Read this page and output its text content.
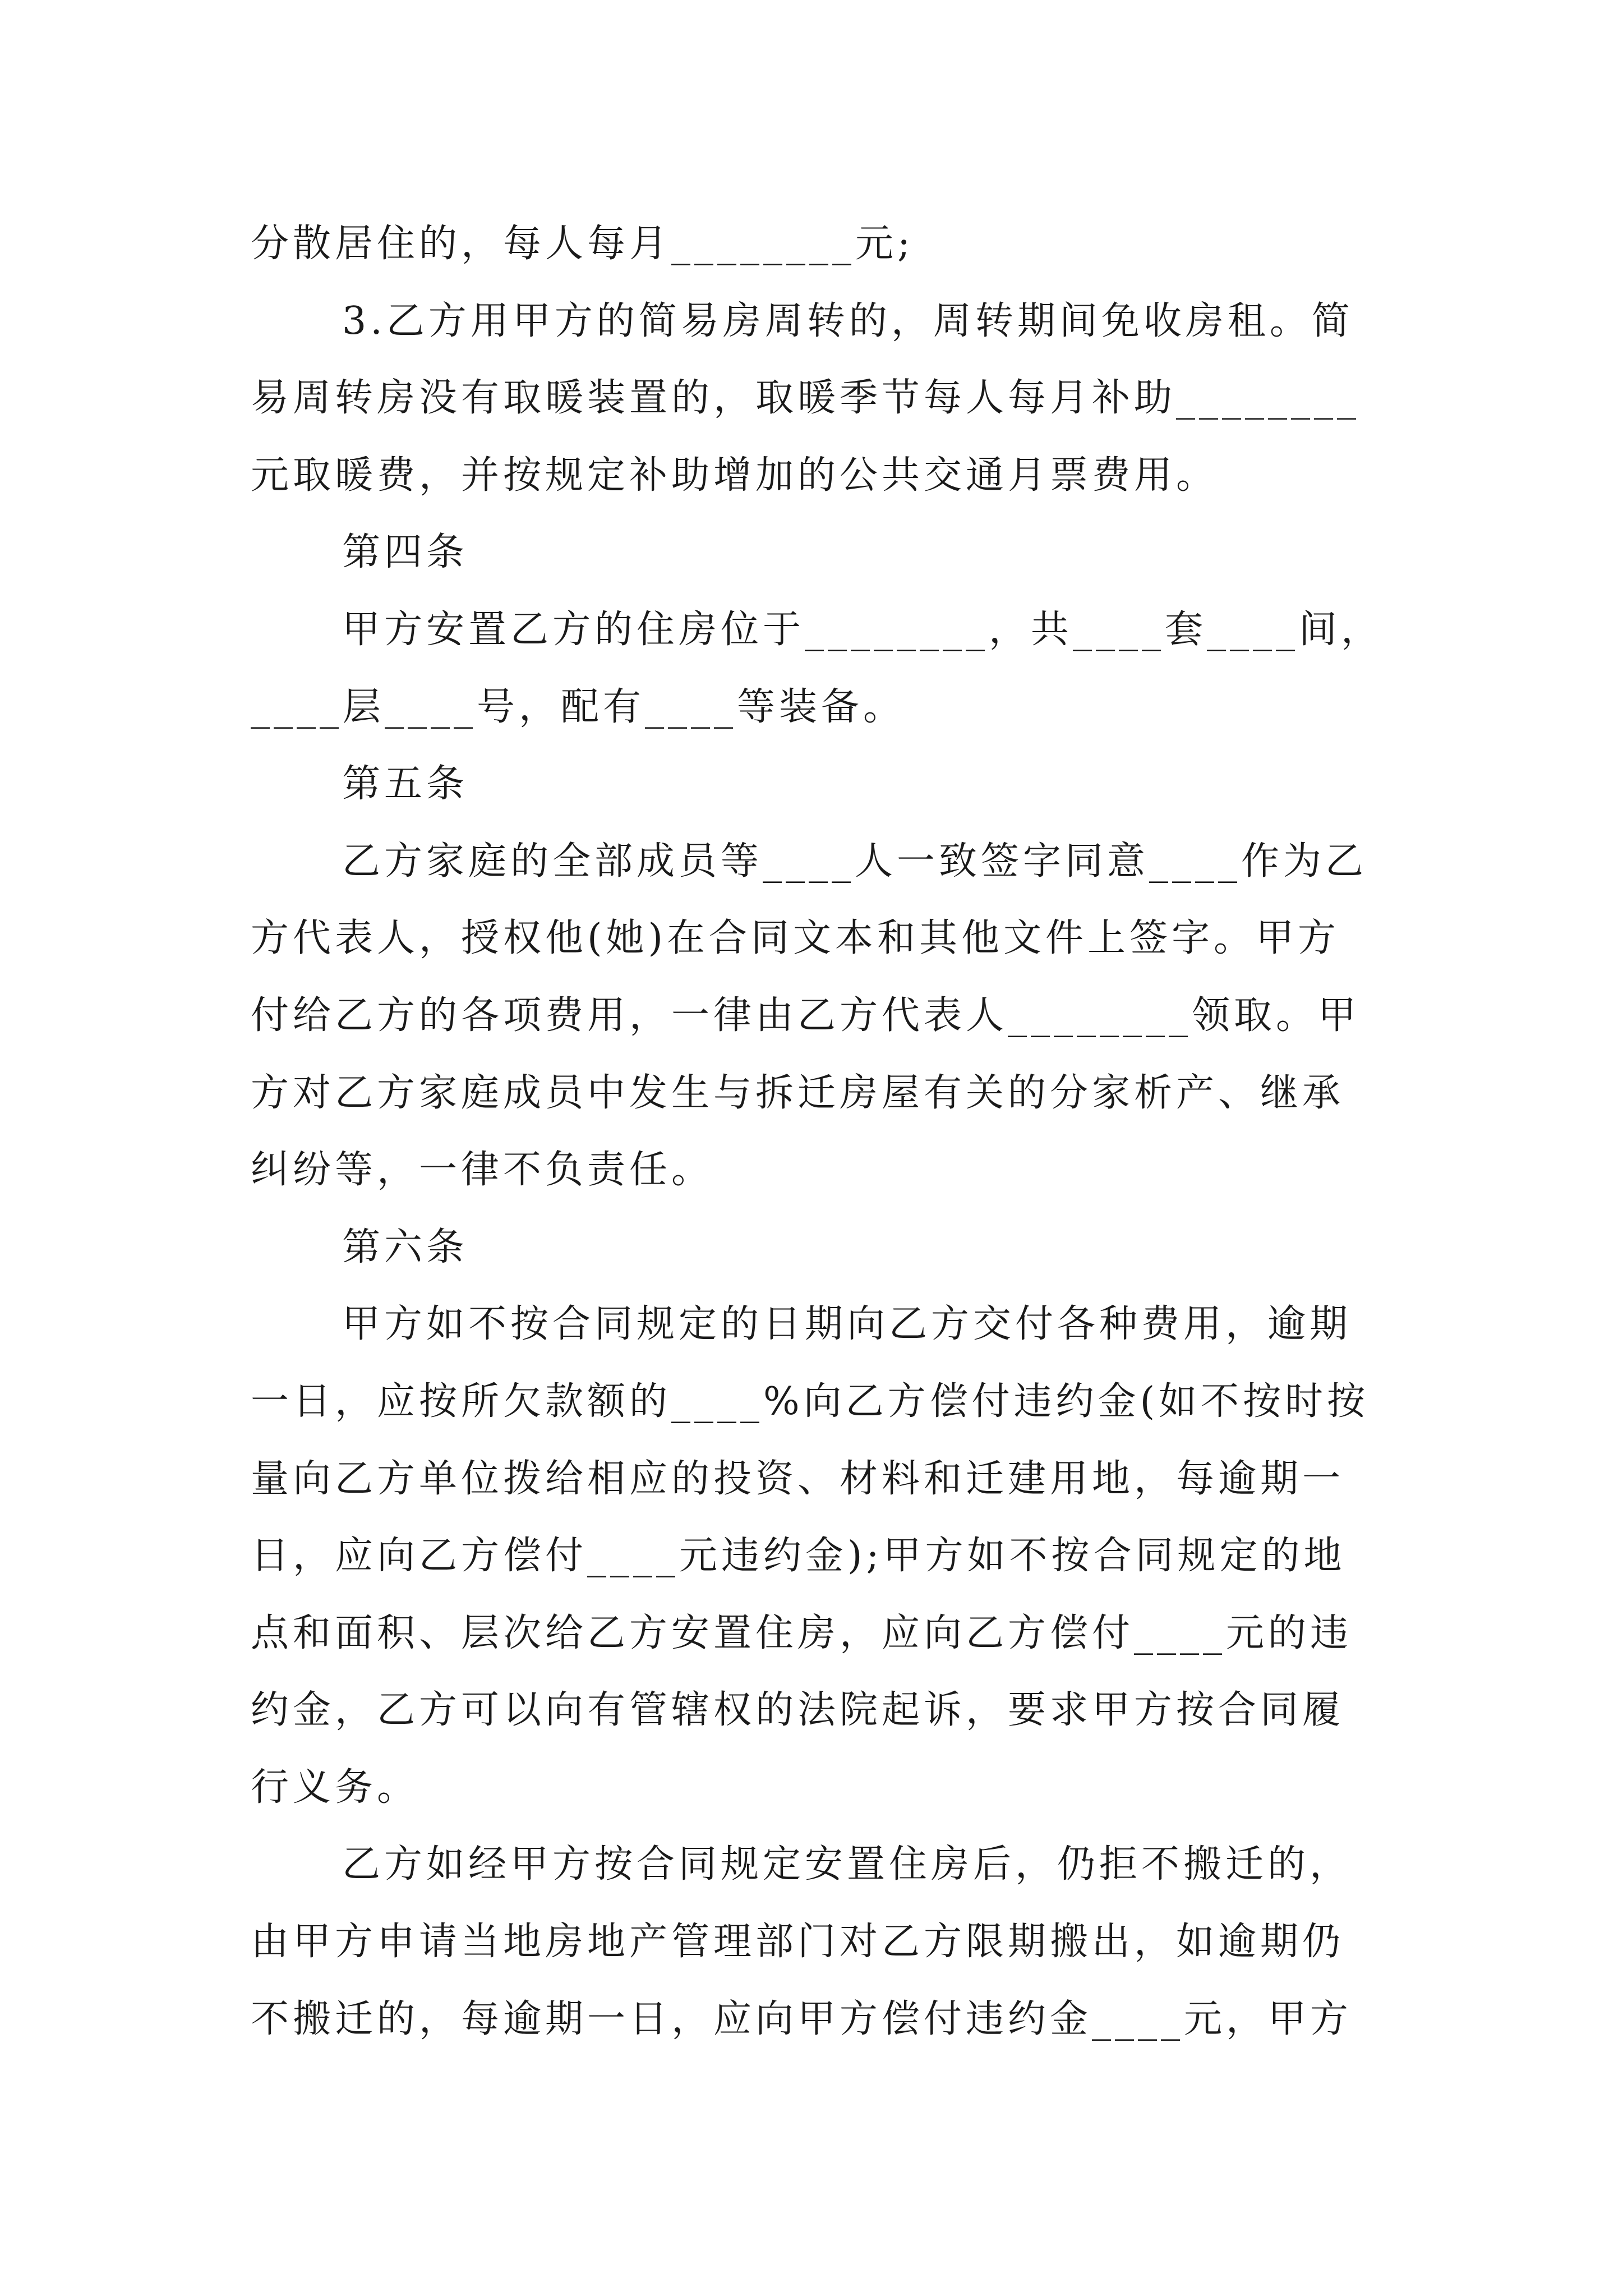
分散居住的，每人每月________元;

3.乙方用甲方的简易房周转的，周转期间免收房租。简

易周转房没有取暖装置的，取暖季节每人每月补助________

元取暖费，并按规定补助增加的公共交通月票费用。

第四条

甲方安置乙方的住房位于________，共____套____间，

____层____号，配有____等装备。

第五条

乙方家庭的全部成员等____人一致签字同意____作为乙

方代表人，授权他(她)在合同文本和其他文件上签字。甲方

付给乙方的各项费用，一律由乙方代表人________领取。甲

方对乙方家庭成员中发生与拆迁房屋有关的分家析产、继承

纠纷等，一律不负责任。

第六条

甲方如不按合同规定的日期向乙方交付各种费用，逾期

一日，应按所欠款额的____%向乙方偿付违约金(如不按时按

量向乙方单位拨给相应的投资、材料和迁建用地，每逾期一

日，应向乙方偿付____元违约金);甲方如不按合同规定的地

点和面积、层次给乙方安置住房，应向乙方偿付____元的违

约金，乙方可以向有管辖权的法院起诉，要求甲方按合同履

行义务。

乙方如经甲方按合同规定安置住房后，仍拒不搬迁的，

由甲方申请当地房地产管理部门对乙方限期搬出，如逾期仍

不搬迁的，每逾期一日，应向甲方偿付违约金____元，甲方
